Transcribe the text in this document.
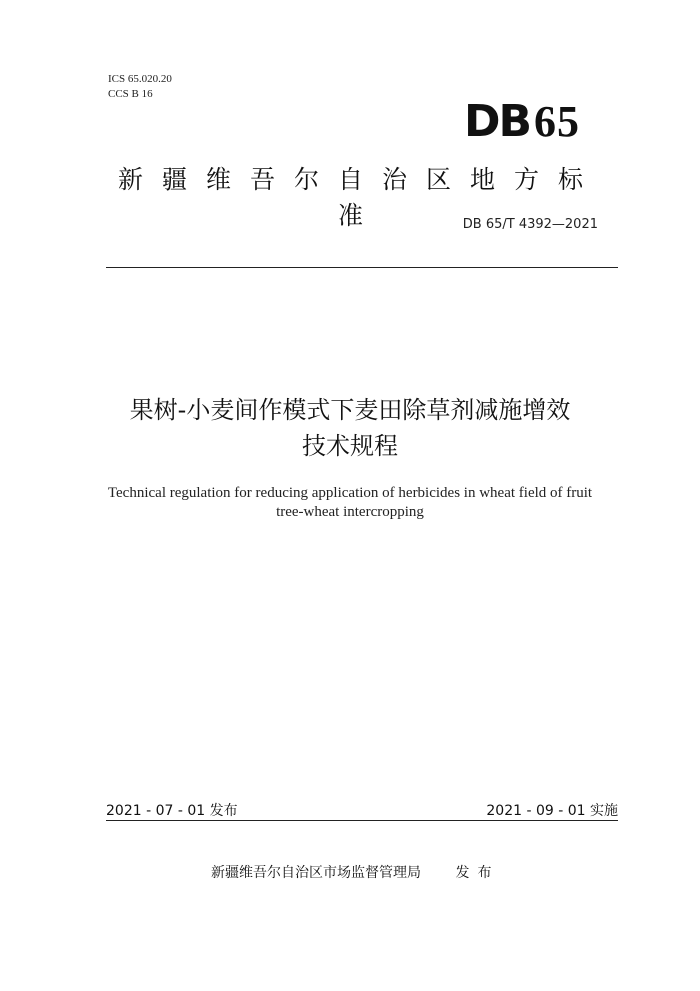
ICS 65.020.20
CCS B 16
DB 65
新疆维吾尔自治区地方标准	DB 65/T 4392—2021
果树-小麦间作模式下麦田除草剂减施增效
技术规程
Technical regulation for reducing application of herbicides in wheat field of fruit
tree-wheat intercropping
2021 - 07 - 01 发布	2021 - 09 - 01 实施
新疆维吾尔自治区市场监督管理局 发布
